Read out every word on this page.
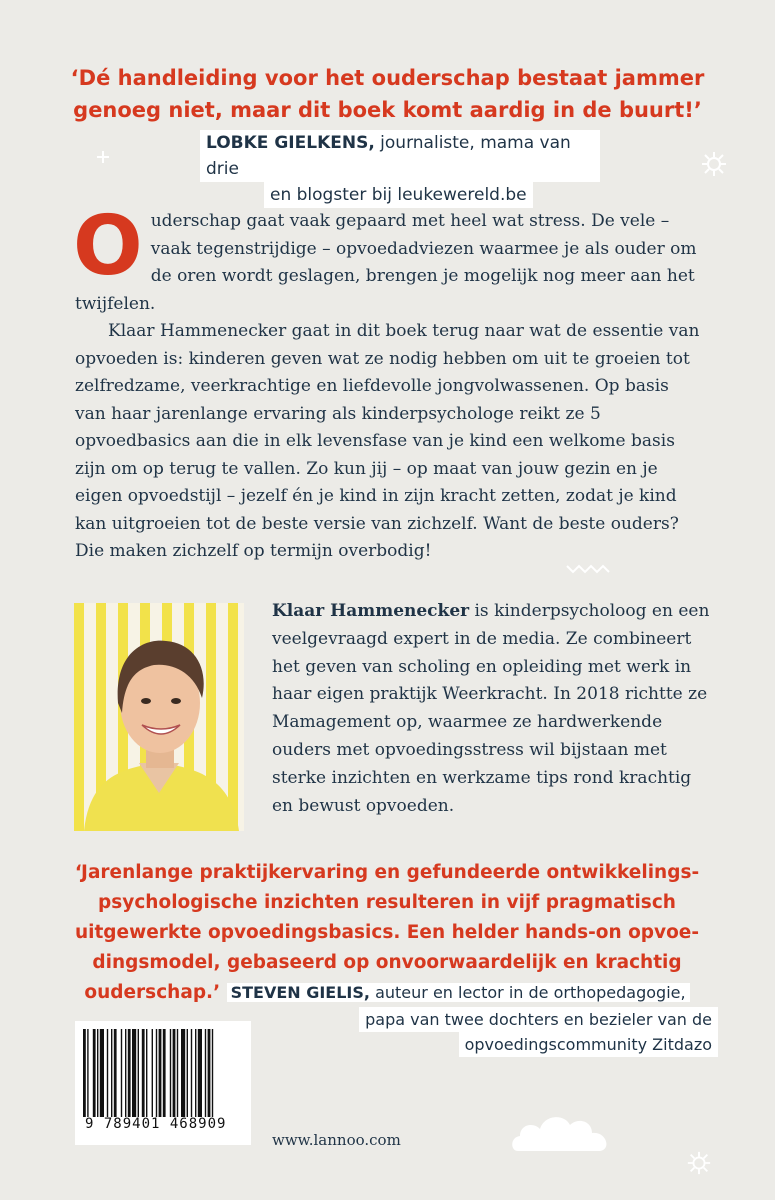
‘Dé handleiding voor het ouderschap bestaat jammer
genoeg niet, maar dit boek komt aardig in de buurt!’
LOBKE GIELKENS, journaliste, mama van drie
en blogster bij leukewereld.be

Ouderschap gaat vaak gepaard met heel wat stress. De vele – vaak tegenstrijdige – opvoedadviezen waarmee je als ouder om de oren wordt geslagen, brengen je mogelijk nog meer aan het twijfelen.

Klaar Hammenecker gaat in dit boek terug naar wat de essentie van opvoeden is: kinderen geven wat ze nodig hebben om uit te groeien tot zelfredzame, veerkrachtige en liefdevolle jongvolwassenen. Op basis van haar jarenlange ervaring als kinderpsychologe reikt ze 5 opvoedbasics aan die in elk levensfase van je kind een welkome basis zijn om op terug te vallen. Zo kun jij – op maat van jouw gezin en je eigen opvoedstijl – jezelf én je kind in zijn kracht zetten, zodat je kind kan uitgroeien tot de beste versie van zichzelf. Want de beste ouders? Die maken zichzelf op termijn overbodig!

Klaar Hammenecker is kinderpsycholoog en een veelgevraagd expert in de media. Ze combineert het geven van scholing en opleiding met werk in haar eigen praktijk Weerkracht. In 2018 richtte ze Mamagement op, waarmee ze hardwerkende ouders met opvoedingsstress wil bijstaan met sterke inzichten en werkzame tips rond krachtig en bewust opvoeden.

‘Jarenlange praktijkervaring en gefundeerde ontwikkelings-psychologische inzichten resulteren in vijf pragmatisch uitgewerkte opvoedingsbasics. Een helder hands-on opvoe-dingsmodel, gebaseerd op onvoorwaardelijk en krachtig ouderschap.’ STEVEN GIELIS, auteur en lector in de orthopedagogie,

papa van twee dochters en bezieler van de
opvoedingscommunity Zitdazo
9 789401 468909
www.lannoo.com
